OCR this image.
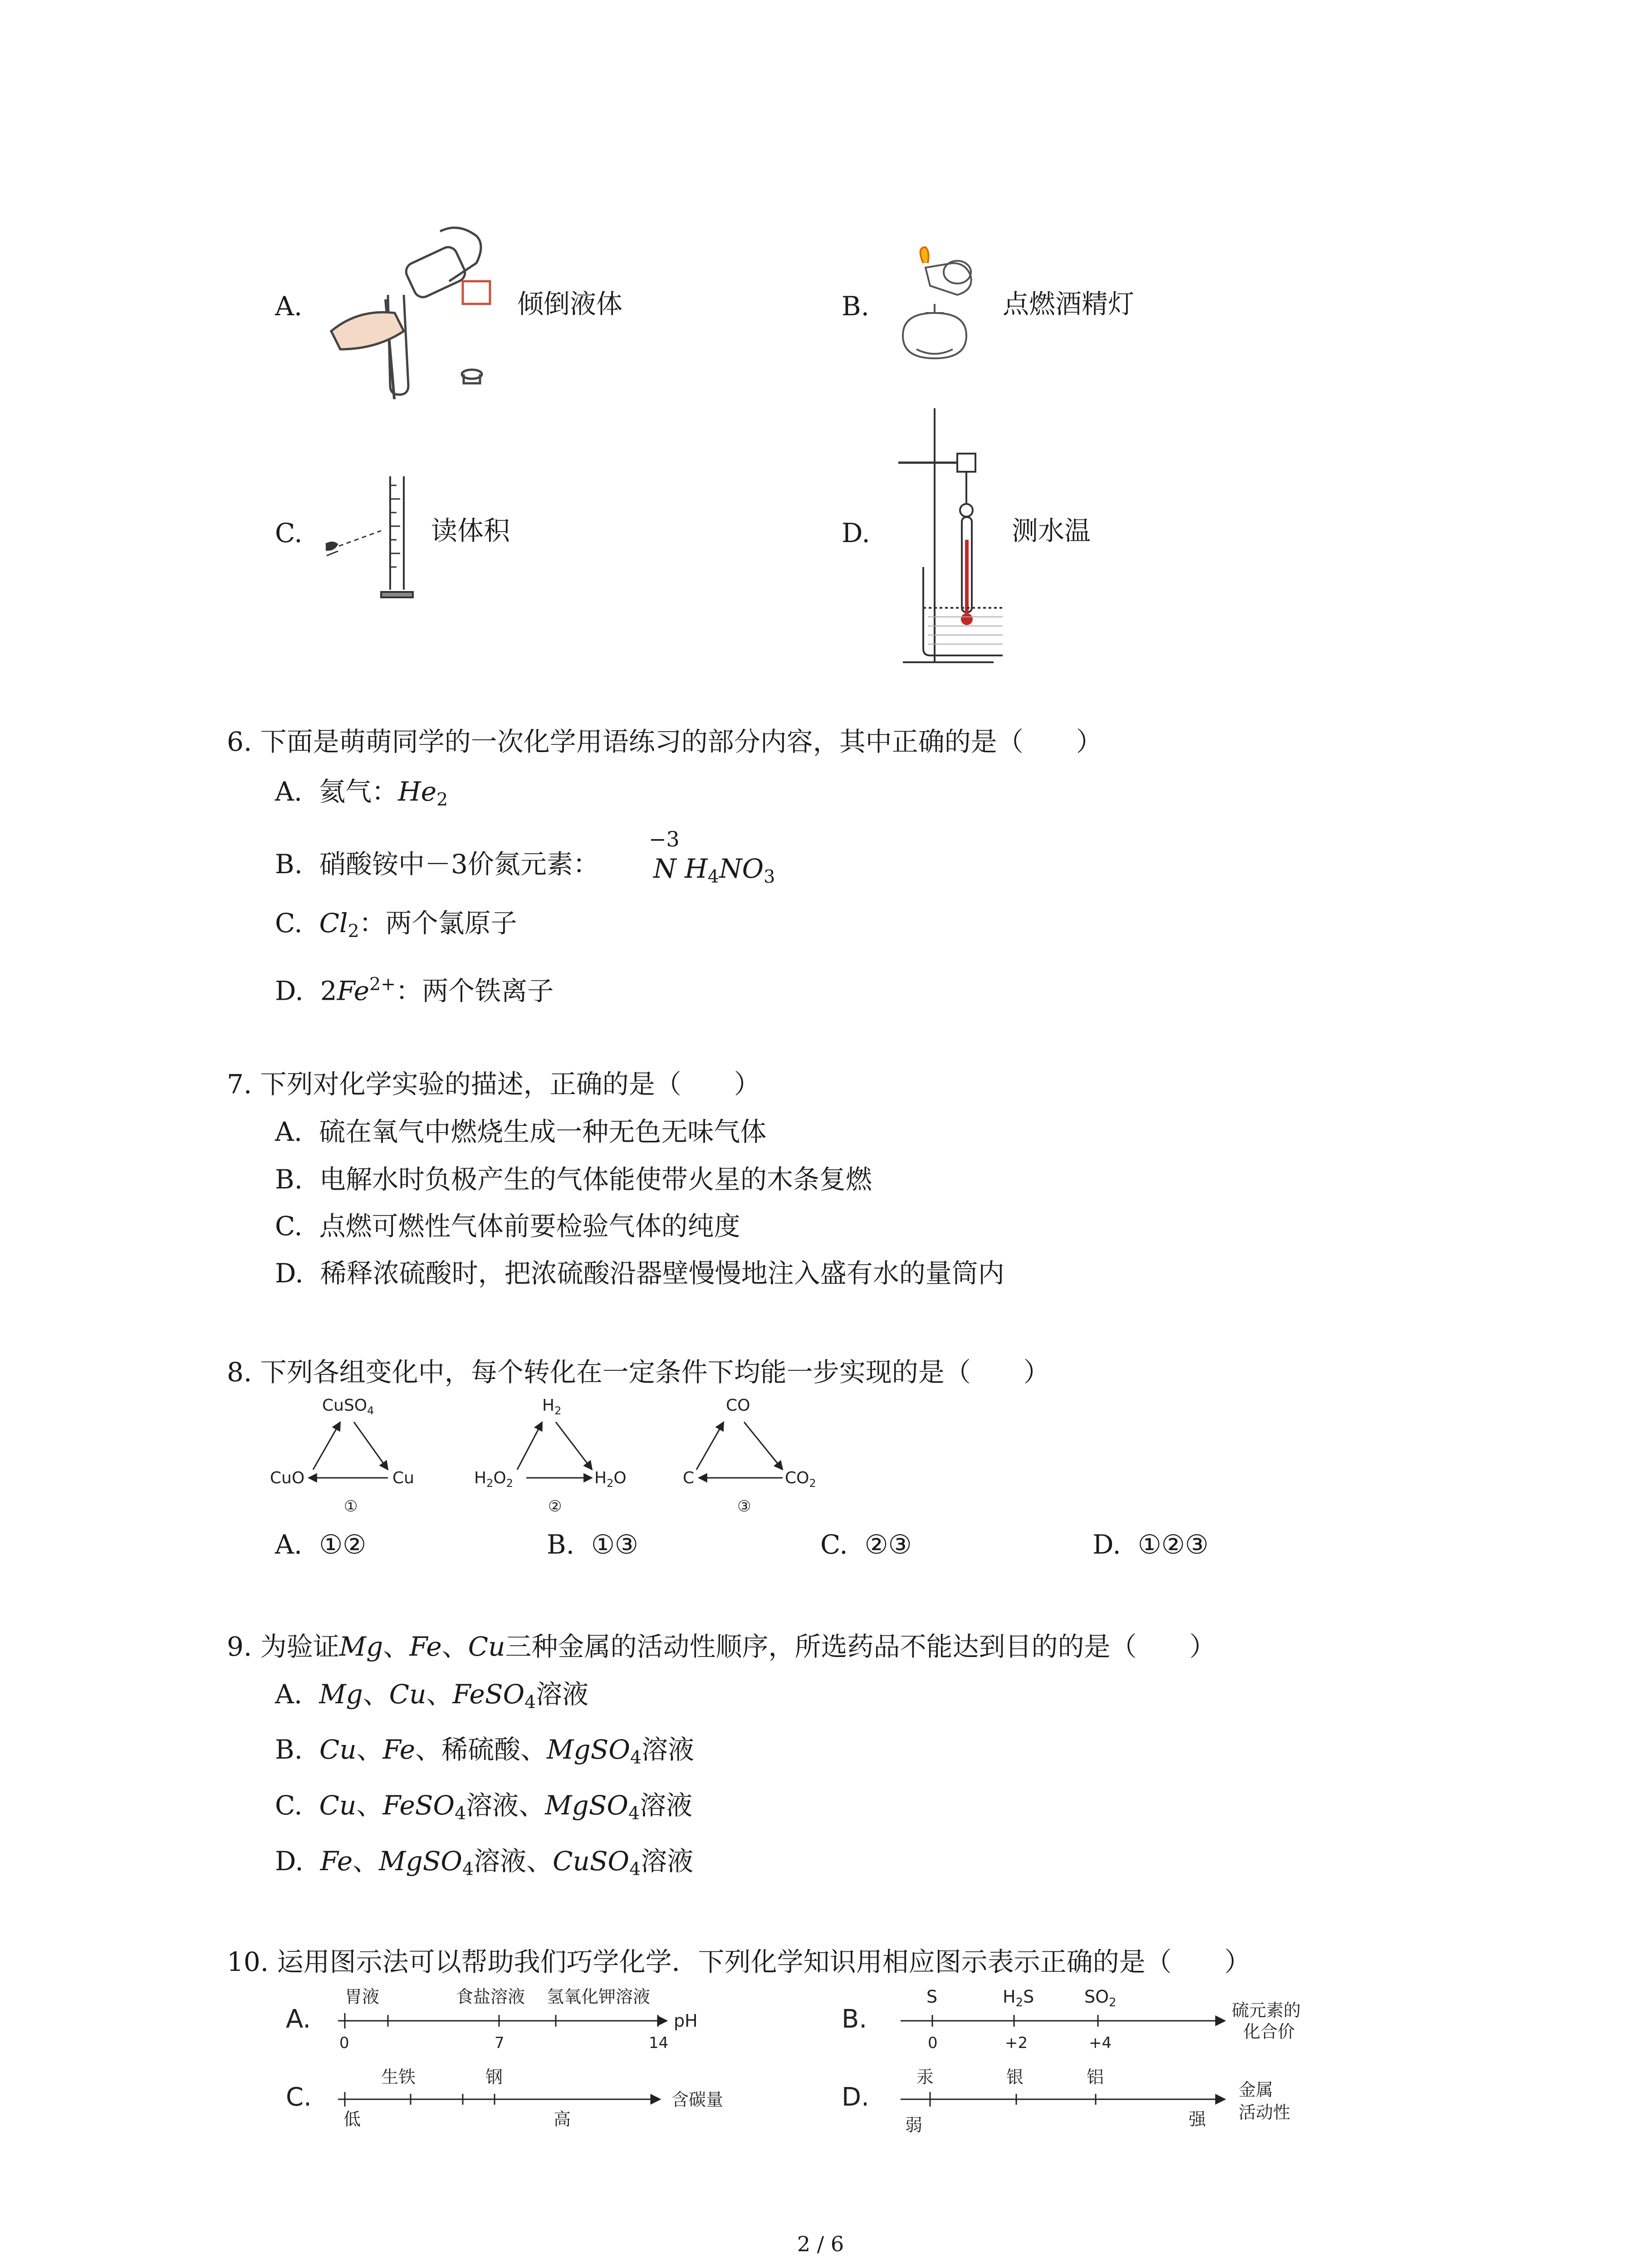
A.	倾倒液体	B.	点燃酒精灯
C.	读体积	D.	测水温
6. 下面是萌萌同学的一次化学用语练习的部分内容，其中正确的是（　　）
A. 氦气：$He_2$
B. 硝酸铵中－3价氮元素：
−3
N $H_4NO_3$
C. $Cl_2$：两个氯原子
D. $2Fe^{2+}$：两个铁离子
7. 下列对化学实验的描述，正确的是（　　）
A. 硫在氧气中燃烧生成一种无色无味气体
B. 电解水时负极产生的气体能使带火星的木条复燃
C. 点燃可燃性气体前要检验气体的纯度
D. 稀释浓硫酸时，把浓硫酸沿器壁慢慢地注入盛有水的量筒内
8. 下列各组变化中，每个转化在一定条件下均能一步实现的是（　　）
CuSO$_4$
CuO	Cu
①
$H_2$
$H_2O_2$	$H_2O$
②
CO
C	$CO_2$
③
A. ①②	B. ①③	C. ②③	D. ①②③
9. 为验证Mg、Fe、Cu三种金属的活动性顺序，所选药品不能达到目的的是（　　）
A. Mg、Cu、FeSO$_4$溶液
B. Cu、Fe、稀硫酸、MgSO$_4$溶液
C. Cu、FeSO$_4$溶液、MgSO$_4$溶液
D. Fe、MgSO$_4$溶液、CuSO$_4$溶液
10. 运用图示法可以帮助我们巧学化学．下列化学知识用相应图示表示正确的是（　　）
A.
胃液	食盐溶液 氢氧化钾溶液
0	7	14
pH	B.
S	$H_2S$	$SO_2$
0	+2	+4
硫元素的
化合价
C.
生铁	钢
低	高
含碳量	D.
汞	银	铝
弱	强
金属
活动性
2 / 6
